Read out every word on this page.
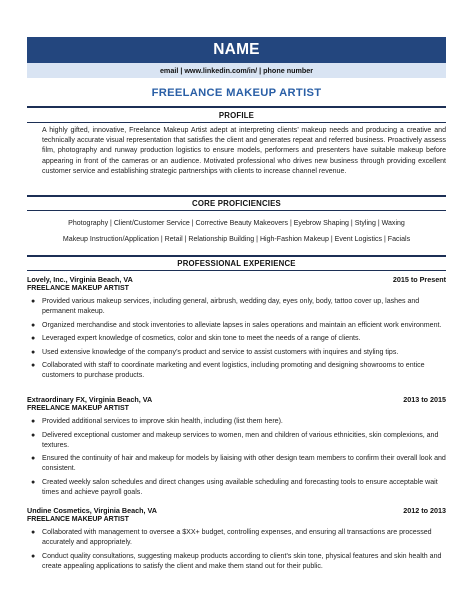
NAME
email | www.linkedin.com/in/ | phone number
FREELANCE MAKEUP ARTIST
PROFILE
A highly gifted, innovative, Freelance Makeup Artist adept at interpreting clients’ makeup needs and producing a creative and technically accurate visual representation that satisfies the client and generates repeat and referred business. Proactively assess film, photography and runway production logistics to ensure models, performers and presenters have suitable makeup before appearing in front of the cameras or an audience. Motivated professional who drives new business through providing excellent customer service and establishing strategic partnerships with clients to increase channel revenue.
CORE PROFICIENCIES
Photography | Client/Customer Service | Corrective Beauty Makeovers | Eyebrow Shaping | Styling | Waxing
Makeup Instruction/Application | Retail | Relationship Building | High-Fashion Makeup | Event Logistics | Facials
PROFESSIONAL EXPERIENCE
Lovely, Inc., Virginia Beach, VA	2015 to Present
FREELANCE MAKEUP ARTIST
● Provided various makeup services, including general, airbrush, wedding day, eyes only, body, tattoo cover up, lashes and permanent makeup.
● Organized merchandise and stock inventories to alleviate lapses in sales operations and maintain an efficient work environment.
● Leveraged expert knowledge of cosmetics, color and skin tone to meet the needs of a range of clients.
● Used extensive knowledge of the company’s product and service to assist customers with inquires and styling tips.
● Collaborated with staff to coordinate marketing and event logistics, including promoting and designing showrooms to entice customers to purchase products.
Extraordinary FX, Virginia Beach, VA	2013 to 2015
FREELANCE MAKEUP ARTIST
● Provided additional services to improve skin health, including (list them here).
● Delivered exceptional customer and makeup services to women, men and children of various ethnicities, skin complexions, and textures.
● Ensured the continuity of hair and makeup for models by liaising with other design team members to confirm their overall look and consistent.
● Created weekly salon schedules and direct changes using available scheduling and forecasting tools to ensure acceptable wait times and achieve payroll goals.
Undine Cosmetics, Virginia Beach, VA	2012 to 2013
FREELANCE MAKEUP ARTIST
● Collaborated with management to oversee a $XX+ budget, controlling expenses, and ensuring all transactions are processed accurately and appropriately.
● Conduct quality consultations, suggesting makeup products according to client’s skin tone, physical features and skin health and create appealing applications to satisfy the client and make them stand out for their public.
